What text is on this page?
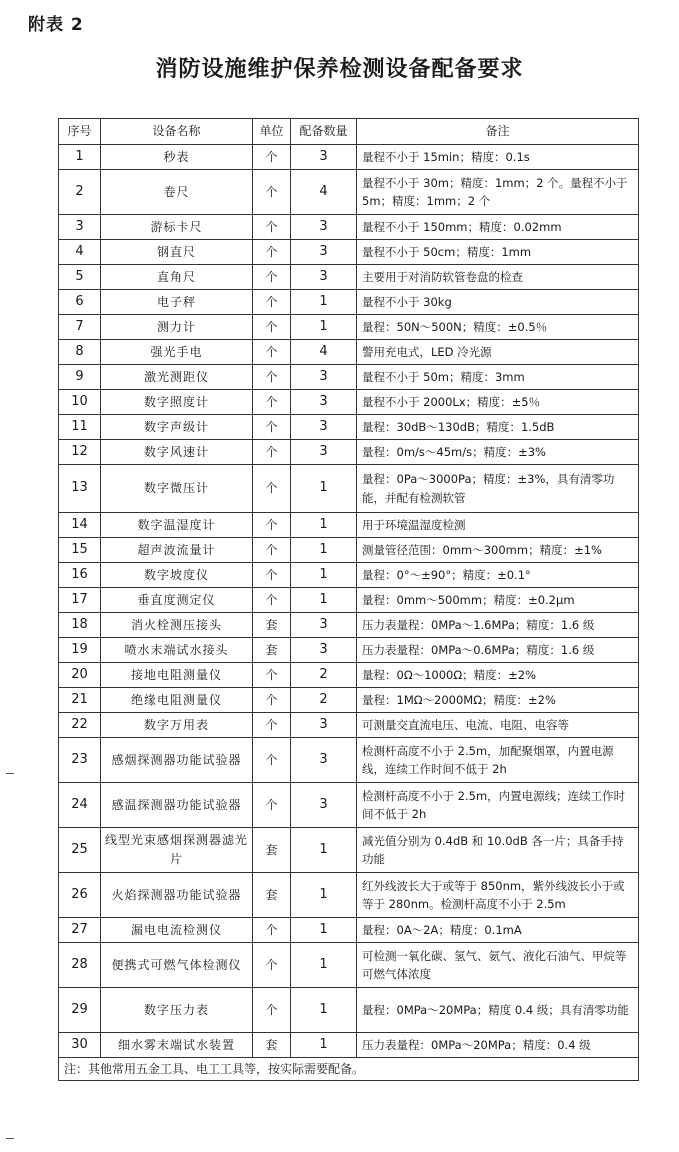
附表 2
消防设施维护保养检测设备配备要求
序号	设备名称	单位	配备数量	备注
1	秒表	个	3	量程不小于 15min；精度：0.1s
2	卷尺	个	4	量程不小于 30m；精度：1mm；2 个。量程不小于 5m；精度：1mm；2 个
3	游标卡尺	个	3	量程不小于 150mm；精度：0.02mm
4	钢直尺	个	3	量程不小于 50cm；精度：1mm
5	直角尺	个	3	主要用于对消防软管卷盘的检查
6	电子秤	个	1	量程不小于 30kg
7	测力计	个	1	量程：50N～500N；精度：±0.5％
8	强光手电	个	4	警用充电式，LED 冷光源
9	激光测距仪	个	3	量程不小于 50m；精度：3mm
10	数字照度计	个	3	量程不小于 2000Lx；精度：±5％
11	数字声级计	个	3	量程：30dB～130dB；精度：1.5dB
12	数字风速计	个	3	量程：0m/s～45m/s；精度：±3%
13	数字微压计	个	1	量程：0Pa～3000Pa；精度：±3%，具有清零功能，并配有检测软管
14	数字温湿度计	个	1	用于环境温湿度检测
15	超声波流量计	个	1	测量管径范围：0mm～300mm；精度：±1%
16	数字坡度仪	个	1	量程：0°～±90°；精度：±0.1°
17	垂直度测定仪	个	1	量程：0mm～500mm；精度：±0.2μm
18	消火栓测压接头	套	3	压力表量程：0MPa～1.6MPa；精度：1.6 级
19	喷水末端试水接头	套	3	压力表量程：0MPa～0.6MPa；精度：1.6 级
20	接地电阻测量仪	个	2	量程：0Ω～1000Ω；精度：±2%
21	绝缘电阻测量仪	个	2	量程：1MΩ～2000MΩ；精度：±2%
22	数字万用表	个	3	可测量交直流电压、电流、电阻、电容等
23	感烟探测器功能试验器	个	3	检测杆高度不小于 2.5m，加配聚烟罩，内置电源线，连续工作时间不低于 2h
24	感温探测器功能试验器	个	3	检测杆高度不小于 2.5m，内置电源线；连续工作时间不低于 2h
25	线型光束感烟探测器滤光片	套	1	减光值分别为 0.4dB 和 10.0dB 各一片；具备手持功能
26	火焰探测器功能试验器	套	1	红外线波长大于或等于 850nm，紫外线波长小于或等于 280nm。检测杆高度不小于 2.5m
27	漏电电流检测仪	个	1	量程：0A～2A；精度：0.1mA
28	便携式可燃气体检测仪	个	1	可检测一氧化碳、氢气、氨气、液化石油气、甲烷等可燃气体浓度
29	数字压力表	个	1	量程：0MPa～20MPa；精度 0.4 级；具有清零功能
30	细水雾末端试水装置	套	1	压力表量程：0MPa～20MPa；精度：0.4 级
注：其他常用五金工具、电工工具等，按实际需要配备。				
